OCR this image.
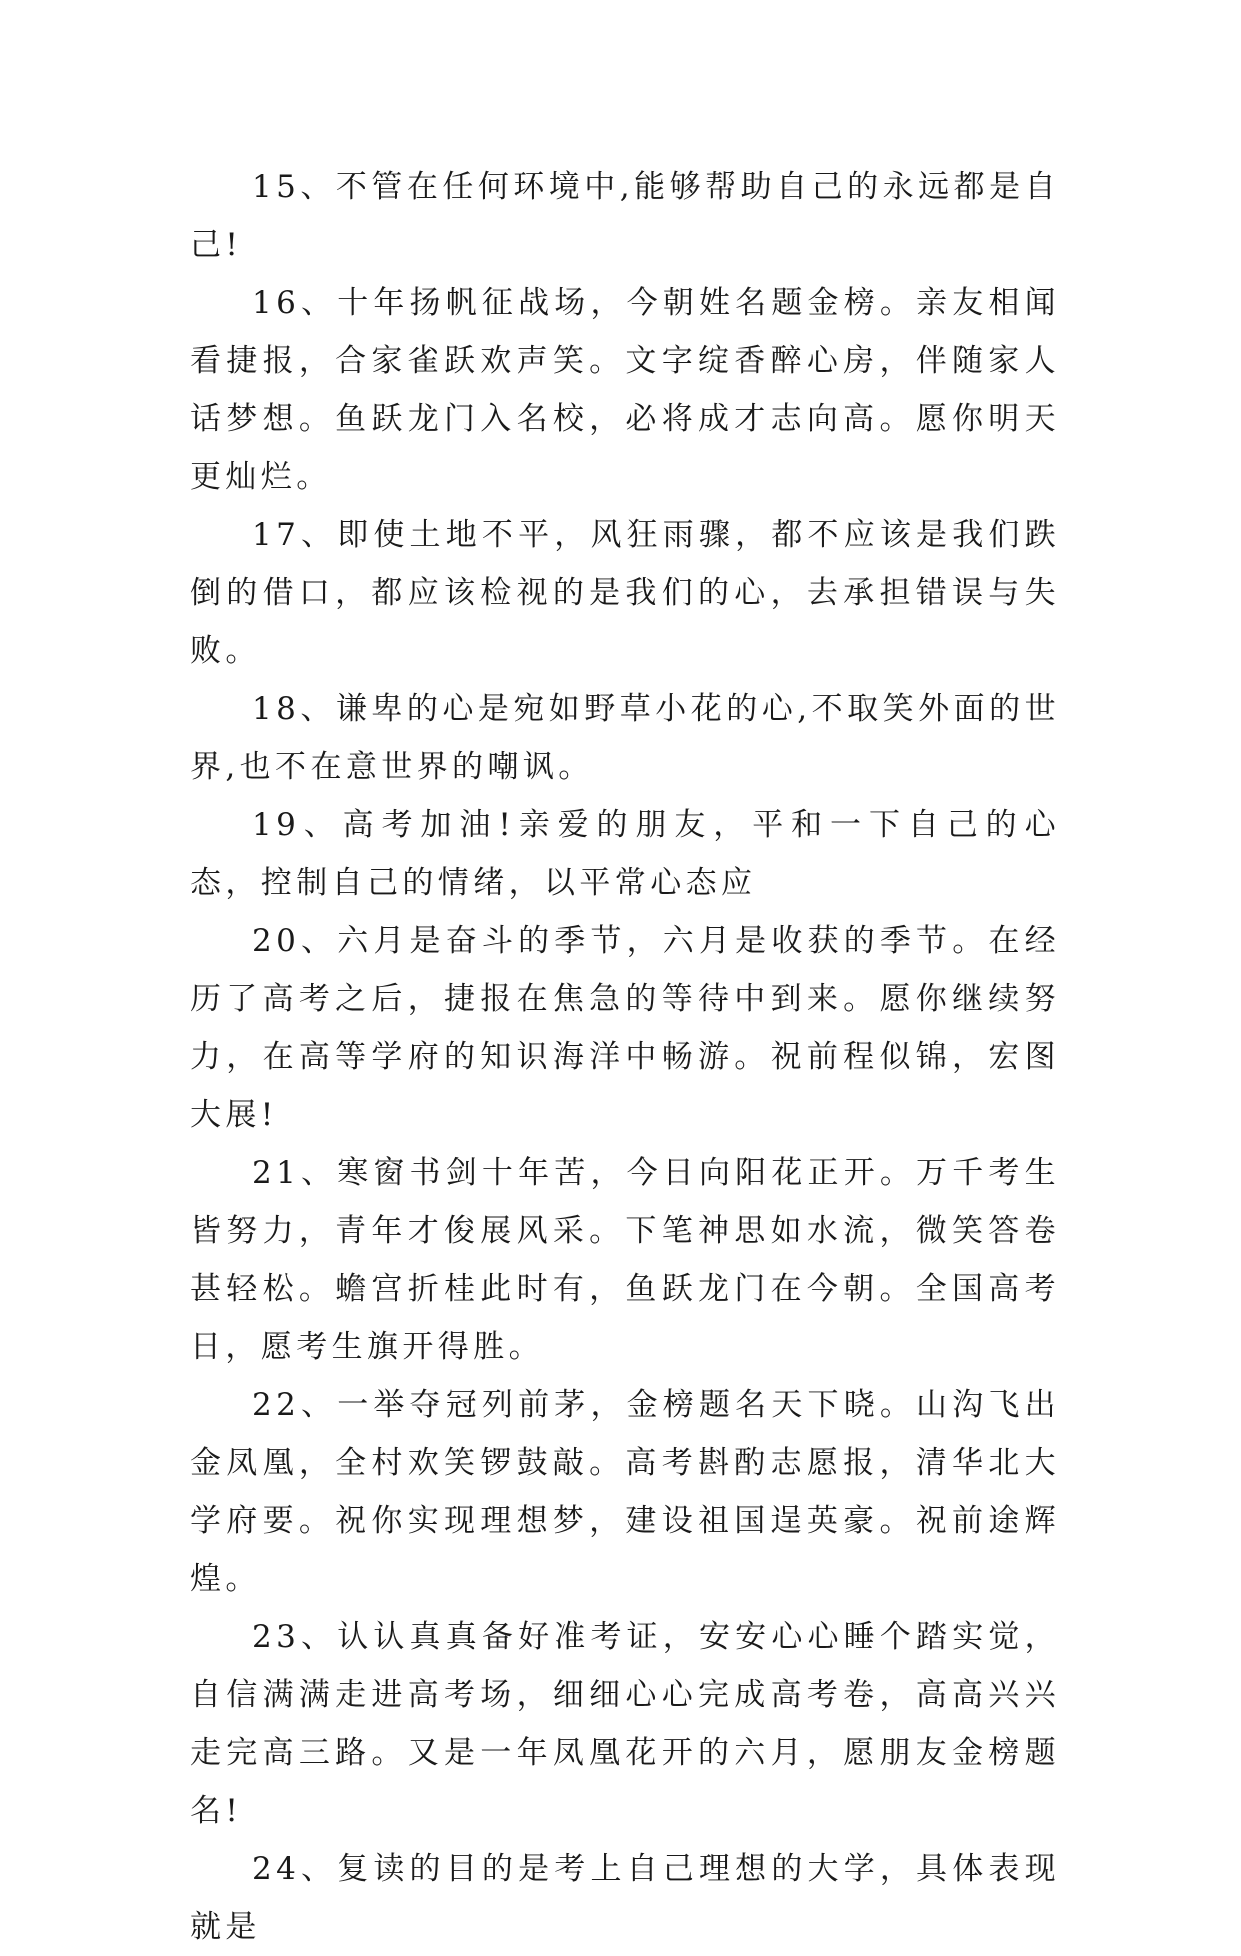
15、不管在任何环境中,能够帮助自己的永远都是自己!

16、十年扬帆征战场，今朝姓名题金榜。亲友相闻看捷报，合家雀跃欢声笑。文字绽香醉心房，伴随家人话梦想。鱼跃龙门入名校，必将成才志向高。愿你明天更灿烂。

17、即使土地不平，风狂雨骤，都不应该是我们跌倒的借口，都应该检视的是我们的心，去承担错误与失败。

18、谦卑的心是宛如野草小花的心,不取笑外面的世界,也不在意世界的嘲讽。

19、高考加油!亲爱的朋友，平和一下自己的心态，控制自己的情绪，以平常心态应

20、六月是奋斗的季节，六月是收获的季节。在经历了高考之后，捷报在焦急的等待中到来。愿你继续努力，在高等学府的知识海洋中畅游。祝前程似锦，宏图大展!

21、寒窗书剑十年苦，今日向阳花正开。万千考生皆努力，青年才俊展风采。下笔神思如水流，微笑答卷甚轻松。蟾宫折桂此时有，鱼跃龙门在今朝。全国高考日，愿考生旗开得胜。

22、一举夺冠列前茅，金榜题名天下晓。山沟飞出金凤凰，全村欢笑锣鼓敲。高考斟酌志愿报，清华北大学府要。祝你实现理想梦，建设祖国逞英豪。祝前途辉煌。

23、认认真真备好准考证，安安心心睡个踏实觉，自信满满走进高考场，细细心心完成高考卷，高高兴兴走完高三路。又是一年凤凰花开的六月，愿朋友金榜题名!

24、复读的目的是考上自己理想的大学，具体表现就是
